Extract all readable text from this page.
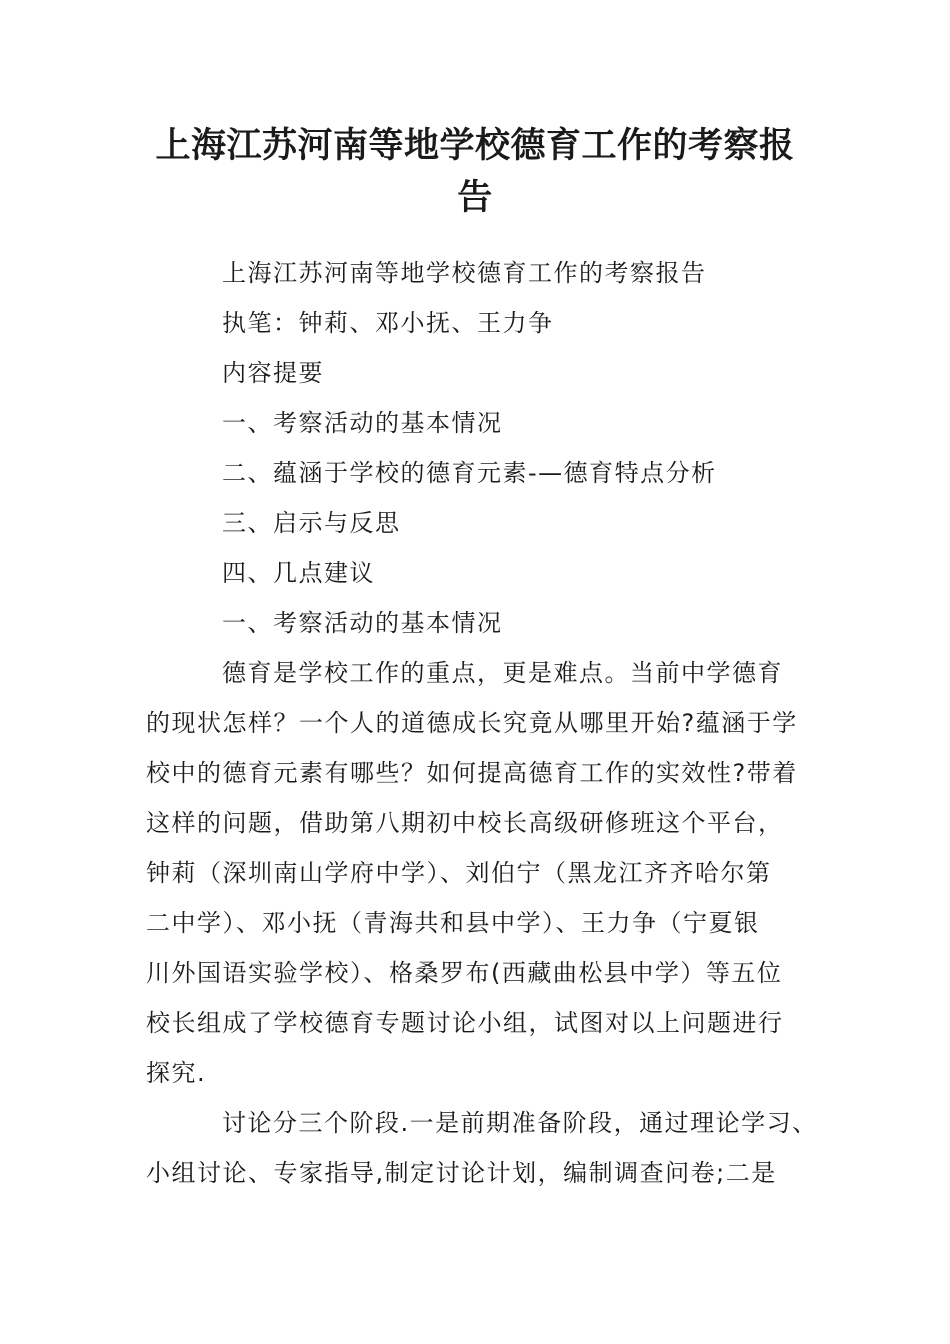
上海江苏河南等地学校德育工作的考察报告

上海江苏河南等地学校德育工作的考察报告

执笔：钟莉、邓小抚、王力争

内容提要

一、考察活动的基本情况

二、蕴涵于学校的德育元素-—德育特点分析

三、启示与反思

四、几点建议

一、考察活动的基本情况

德育是学校工作的重点，更是难点。当前中学德育
的现状怎样？一个人的道德成长究竟从哪里开始?蕴涵于学
校中的德育元素有哪些？如何提高德育工作的实效性?带着
这样的问题，借助第八期初中校长高级研修班这个平台，
钟莉（深圳南山学府中学）、刘伯宁（黑龙江齐齐哈尔第
二中学）、邓小抚（青海共和县中学）、王力争（宁夏银
川外国语实验学校）、格桑罗布(西藏曲松县中学）等五位
校长组成了学校德育专题讨论小组，试图对以上问题进行
探究.
讨论分三个阶段.一是前期准备阶段，通过理论学习、
小组讨论、专家指导,制定讨论计划，编制调查问卷;二是
